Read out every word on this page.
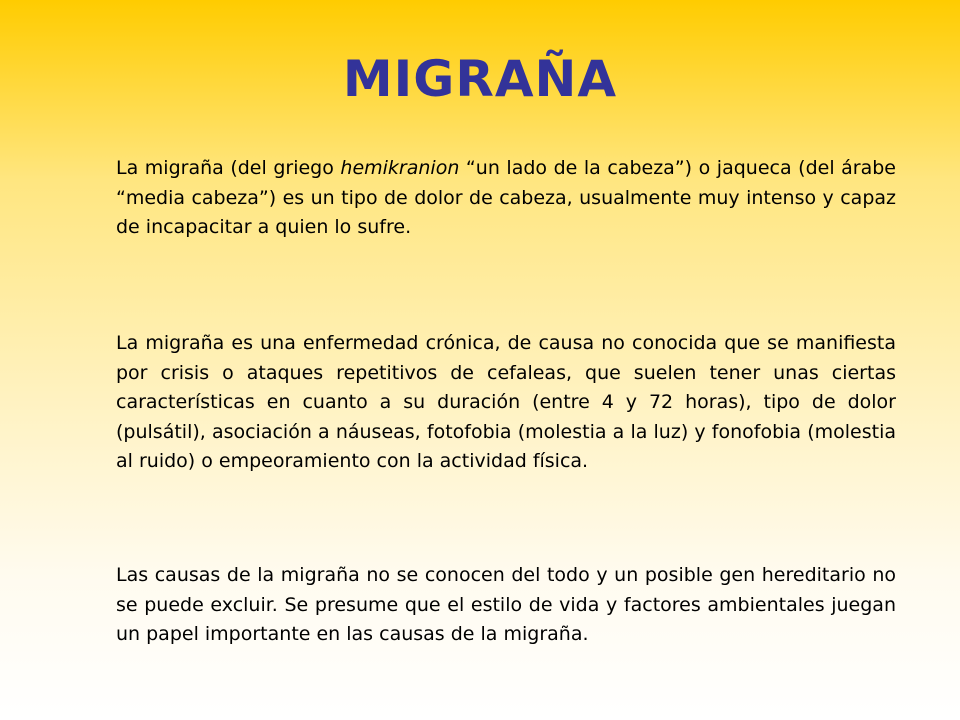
MIGRAÑA

La migraña (del griego hemikranion “un lado de la cabeza”) o jaqueca (del árabe “media cabeza”) es un tipo de dolor de cabeza, usualmente muy intenso y capaz de incapacitar a quien lo sufre.

La migraña es una enfermedad crónica, de causa no conocida que se manifiesta por crisis o ataques repetitivos de cefaleas, que suelen tener unas ciertas características en cuanto a su duración (entre 4 y 72 horas), tipo de dolor (pulsátil), asociación a náuseas, fotofobia (molestia a la luz) y fonofobia (molestia al ruido) o empeoramiento con la actividad física.

Las causas de la migraña no se conocen del todo y un posible gen hereditario no se puede excluir. Se presume que el estilo de vida y factores ambientales juegan un papel importante en las causas de la migraña.
